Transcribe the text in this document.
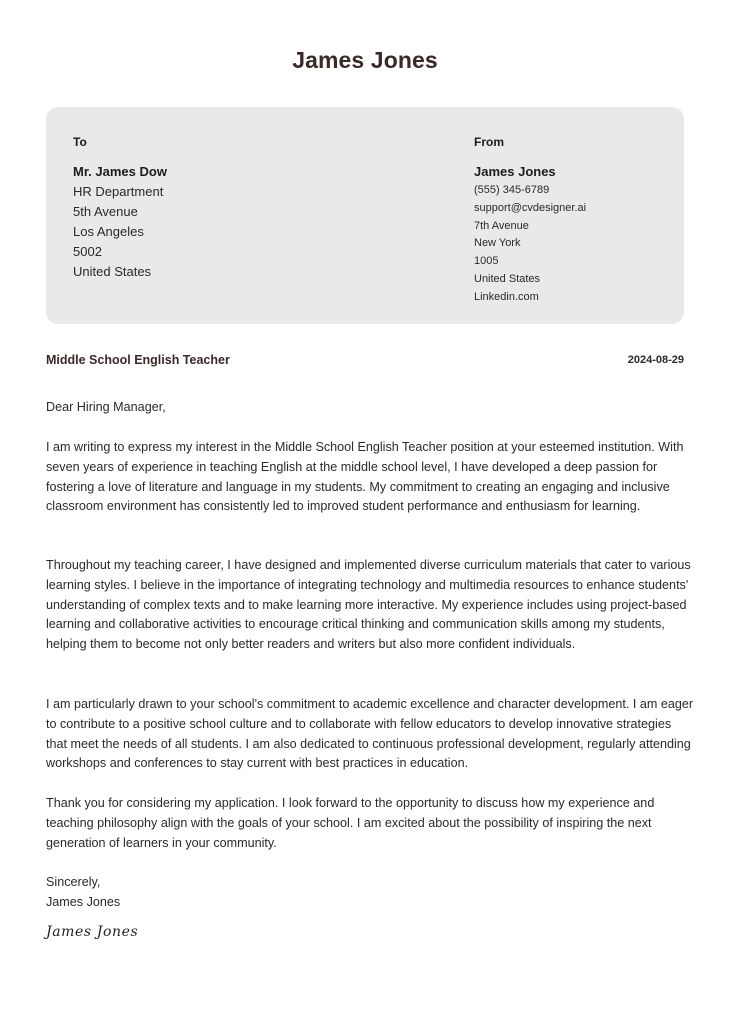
James Jones
To
Mr. James Dow
HR Department
5th Avenue
Los Angeles
5002
United States
From
James Jones
(555) 345-6789
support@cvdesigner.ai
7th Avenue
New York
1005
United States
Linkedin.com
Middle School English Teacher	2024-08-29

Dear Hiring Manager,

I am writing to express my interest in the Middle School English Teacher position at your esteemed institution. With seven years of experience in teaching English at the middle school level, I have developed a deep passion for fostering a love of literature and language in my students. My commitment to creating an engaging and inclusive classroom environment has consistently led to improved student performance and enthusiasm for learning.

Throughout my teaching career, I have designed and implemented diverse curriculum materials that cater to various learning styles. I believe in the importance of integrating technology and multimedia resources to enhance students' understanding of complex texts and to make learning more interactive. My experience includes using project-based learning and collaborative activities to encourage critical thinking and communication skills among my students, helping them to become not only better readers and writers but also more confident individuals.

I am particularly drawn to your school's commitment to academic excellence and character development. I am eager to contribute to a positive school culture and to collaborate with fellow educators to develop innovative strategies that meet the needs of all students. I am also dedicated to continuous professional development, regularly attending workshops and conferences to stay current with best practices in education.

Thank you for considering my application. I look forward to the opportunity to discuss how my experience and teaching philosophy align with the goals of your school. I am excited about the possibility of inspiring the next generation of learners in your community.

Sincerely,

James Jones

James Jones
